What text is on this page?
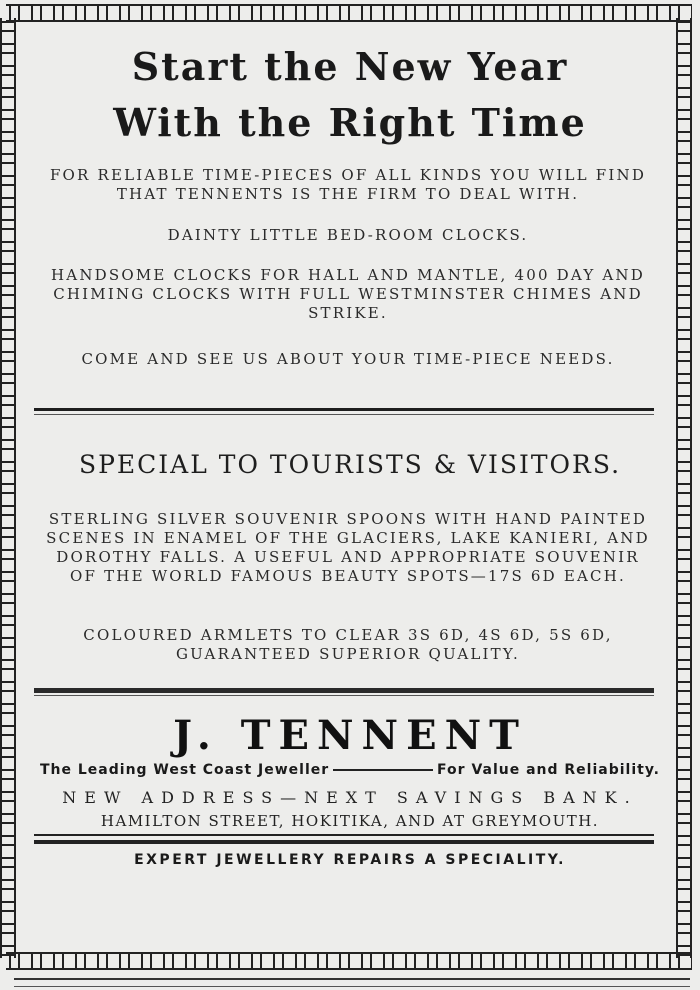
Start the New Year
With the Right Time
FOR RELIABLE TIME-PIECES OF ALL KINDS YOU WILL FIND THAT TENNENTS IS THE FIRM TO DEAL WITH.
DAINTY LITTLE BED-ROOM CLOCKS.
HANDSOME CLOCKS FOR HALL AND MANTLE, 400 DAY AND CHIMING CLOCKS WITH FULL WESTMINSTER CHIMES AND STRIKE.
COME AND SEE US ABOUT YOUR TIME-PIECE NEEDS.
SPECIAL TO TOURISTS & VISITORS.
STERLING SILVER SOUVENIR SPOONS WITH HAND PAINTED SCENES IN ENAMEL OF THE GLACIERS, LAKE KANIERI, AND DOROTHY FALLS. A USEFUL AND APPROPRIATE SOUVENIR OF THE WORLD FAMOUS BEAUTY SPOTS—17S 6D EACH.
COLOURED ARMLETS TO CLEAR 3S 6D, 4S 6D, 5S 6D, GUARANTEED SUPERIOR QUALITY.
J. TENNENT
The Leading West Coast Jeweller	For Value and Reliability.
NEW ADDRESS—NEXT SAVINGS BANK.
HAMILTON STREET, HOKITIKA, AND AT GREYMOUTH.
EXPERT JEWELLERY REPAIRS A SPECIALITY.
